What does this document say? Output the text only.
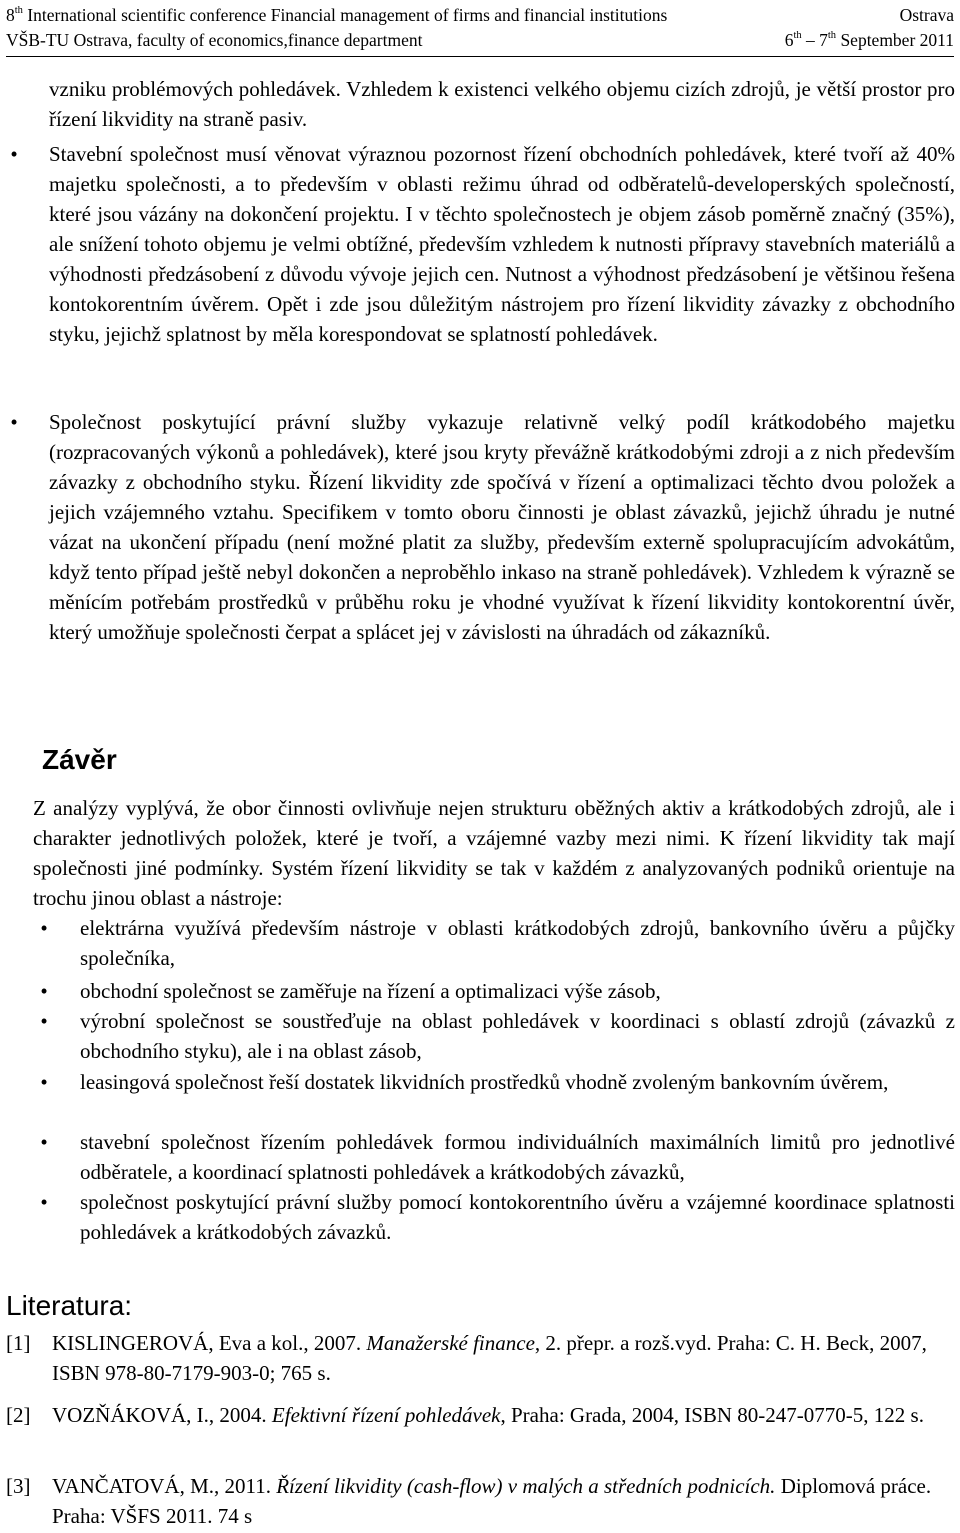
8th International scientific conference Financial management of firms and financial institutions	Ostrava
VŠB-TU Ostrava, faculty of economics,finance department	6th – 7th September 2011
vzniku problémových pohledávek. Vzhledem k existenci velkého objemu cizích zdrojů, je větší prostor pro řízení likvidity na straně pasiv.
•	Stavební společnost musí věnovat výraznou pozornost řízení obchodních pohledávek, které tvoří až 40% majetku společnosti, a to především v oblasti režimu úhrad od odběratelů-developerských společností, které jsou vázány na dokončení projektu. I v těchto společnostech je objem zásob poměrně značný (35%), ale snížení tohoto objemu je velmi obtížné, především vzhledem k nutnosti přípravy stavebních materiálů a výhodnosti předzásobení z důvodu vývoje jejich cen. Nutnost a výhodnost předzásobení je většinou řešena kontokorentním úvěrem. Opět i zde jsou důležitým nástrojem pro řízení likvidity závazky z obchodního styku, jejichž splatnost by měla korespondovat se splatností pohledávek.
•	Společnost poskytující právní služby vykazuje relativně velký podíl krátkodobého majetku (rozpracovaných výkonů a pohledávek), které jsou kryty převážně krátkodobými zdroji a z nich především závazky z obchodního styku. Řízení likvidity zde spočívá v řízení a optimalizaci těchto dvou položek a jejich vzájemného vztahu. Specifikem v tomto oboru činnosti je oblast závazků, jejichž úhradu je nutné vázat na ukončení případu (není možné platit za služby, především externě spolupracujícím advokátům, když tento případ ještě nebyl dokončen a neproběhlo inkaso na straně pohledávek). Vzhledem k výrazně se měnícím potřebám prostředků v průběhu roku je vhodné využívat k řízení likvidity kontokorentní úvěr, který umožňuje společnosti čerpat a splácet jej v závislosti na úhradách od zákazníků.
Závěr
Z analýzy vyplývá, že obor činnosti ovlivňuje nejen strukturu oběžných aktiv a krátkodobých zdrojů, ale i charakter jednotlivých položek, které je tvoří, a vzájemné vazby mezi nimi. K řízení likvidity tak mají společnosti jiné podmínky. Systém řízení likvidity se tak v každém z analyzovaných podniků orientuje na trochu jinou oblast a nástroje:
•	elektrárna využívá především nástroje v oblasti krátkodobých zdrojů, bankovního úvěru a půjčky společníka,
•	obchodní společnost se zaměřuje na řízení a optimalizaci výše zásob,
•	výrobní společnost se soustřeďuje na oblast pohledávek v koordinaci s oblastí zdrojů (závazků z obchodního styku), ale i na oblast zásob,
•	leasingová společnost řeší dostatek likvidních prostředků vhodně zvoleným bankovním úvěrem,
•	stavební společnost řízením pohledávek formou individuálních maximálních limitů pro jednotlivé odběratele, a koordinací splatnosti pohledávek a krátkodobých závazků,
•	společnost poskytující právní služby pomocí kontokorentního úvěru a vzájemné koordinace splatnosti pohledávek a krátkodobých závazků.
Literatura:
[1] KISLINGEROVÁ, Eva a kol., 2007. Manažerské finance, 2. přepr. a rozš.vyd. Praha: C. H. Beck, 2007, ISBN 978-80-7179-903-0; 765 s.
[2] VOZŇÁKOVÁ, I., 2004. Efektivní řízení pohledávek, Praha: Grada, 2004, ISBN 80-247-0770-5, 122 s.
[3] VANČATOVÁ, M., 2011. Řízení likvidity (cash-flow) v malých a středních podnicích. Diplomová práce. Praha: VŠFS 2011. 74 s
